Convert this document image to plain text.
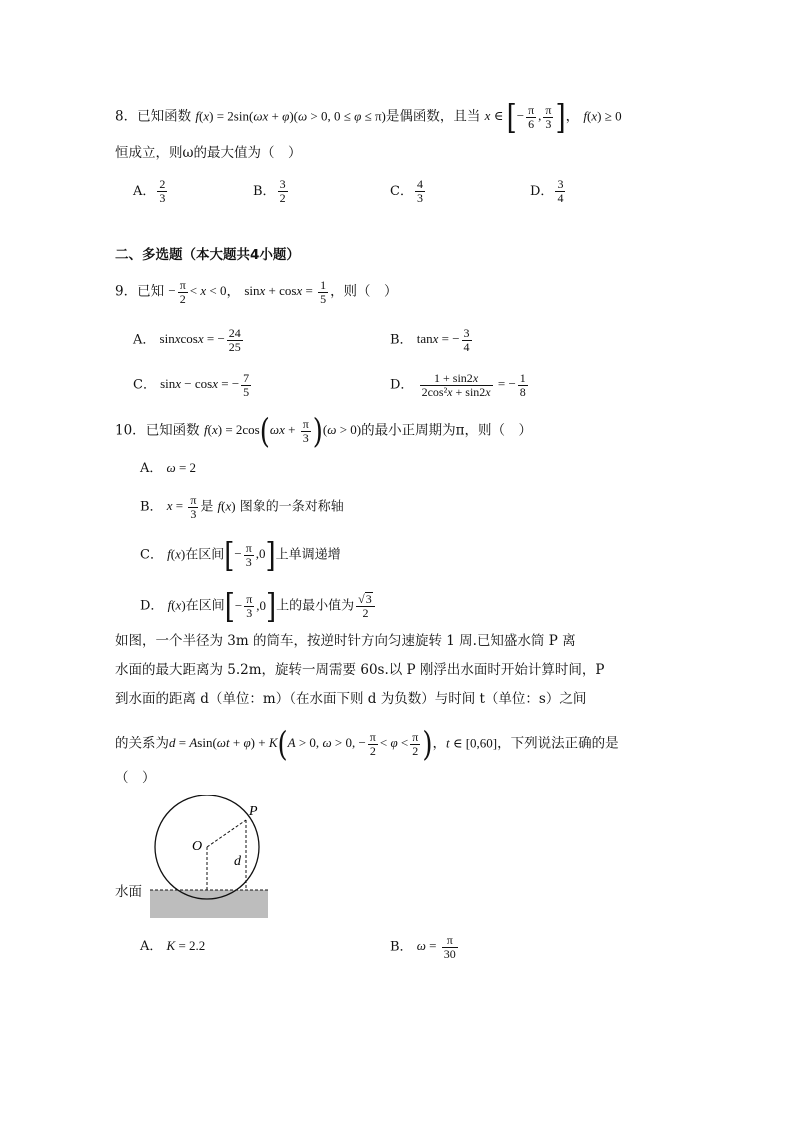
8．已知函数 f(x) = 2sin(ωx + φ)(ω > 0, 0 ≤ φ ≤ π)是偶函数，且当 x ∈ [− $\frac{\pi}{6}$ , $\frac{\pi}{3}$ ]， f(x) ≥ 0
恒成立，则ω的最大值为（　）
A． $\frac{2}{3}$	B． $\frac{3}{2}$	C． $\frac{4}{3}$	D． $\frac{3}{4}$
二、多选题（本大题共4小题）
9．已知 − $\frac{\pi}{2} < x < 0$， $\sin x + \cos x = \frac{1}{5}$ ，则（　）
A． sinxcosx = − $\frac{24}{25}$	B． tanx = − $\frac{3}{4}$
C． sinx − cosx = − $\frac{7}{5}$	D． $\frac{1 + \sin 2x}{\text{2cos²x + sin2x}}$ = − $\frac{1}{8}$
10．已知函数 $f(x) = 2\cos(\omega x + \frac{\pi}{3} )(\omega > 0)$的最小正周期为π，则（　）
A． ω = 2
B． $x = \frac{\pi}{3}$ 是 f(x) 图象的一条对称轴
C． f(x)在区间[− $\frac{\pi}{3} ,0$]上单调递增
D． f(x)在区间[− $\frac{\pi}{3} ,0$]上的最小值为 $\frac{√3}{2}$
如图，一个半径为 3m 的筒车，按逆时针方向匀速旋转 1 周.已知盛水筒 P 离
水面的最大距离为 5.2m，旋转一周需要 60s.以 P 刚浮出水面时开始计算时间，P
到水面的距离 d（单位：m）（在水面下则 d 为负数）与时间 t（单位：s）之间
的关系为d = Asin(ωt + φ) + K(A > 0, ω > 0, − $\frac{\pi}{2} < \varphi < \frac{\pi}{2}$ )，t ∈ [0,60]，下列说法正确的是
（　）
P
O
d
水面
A． K = 2.2	B． $\omega = \frac{\pi}{30}$
